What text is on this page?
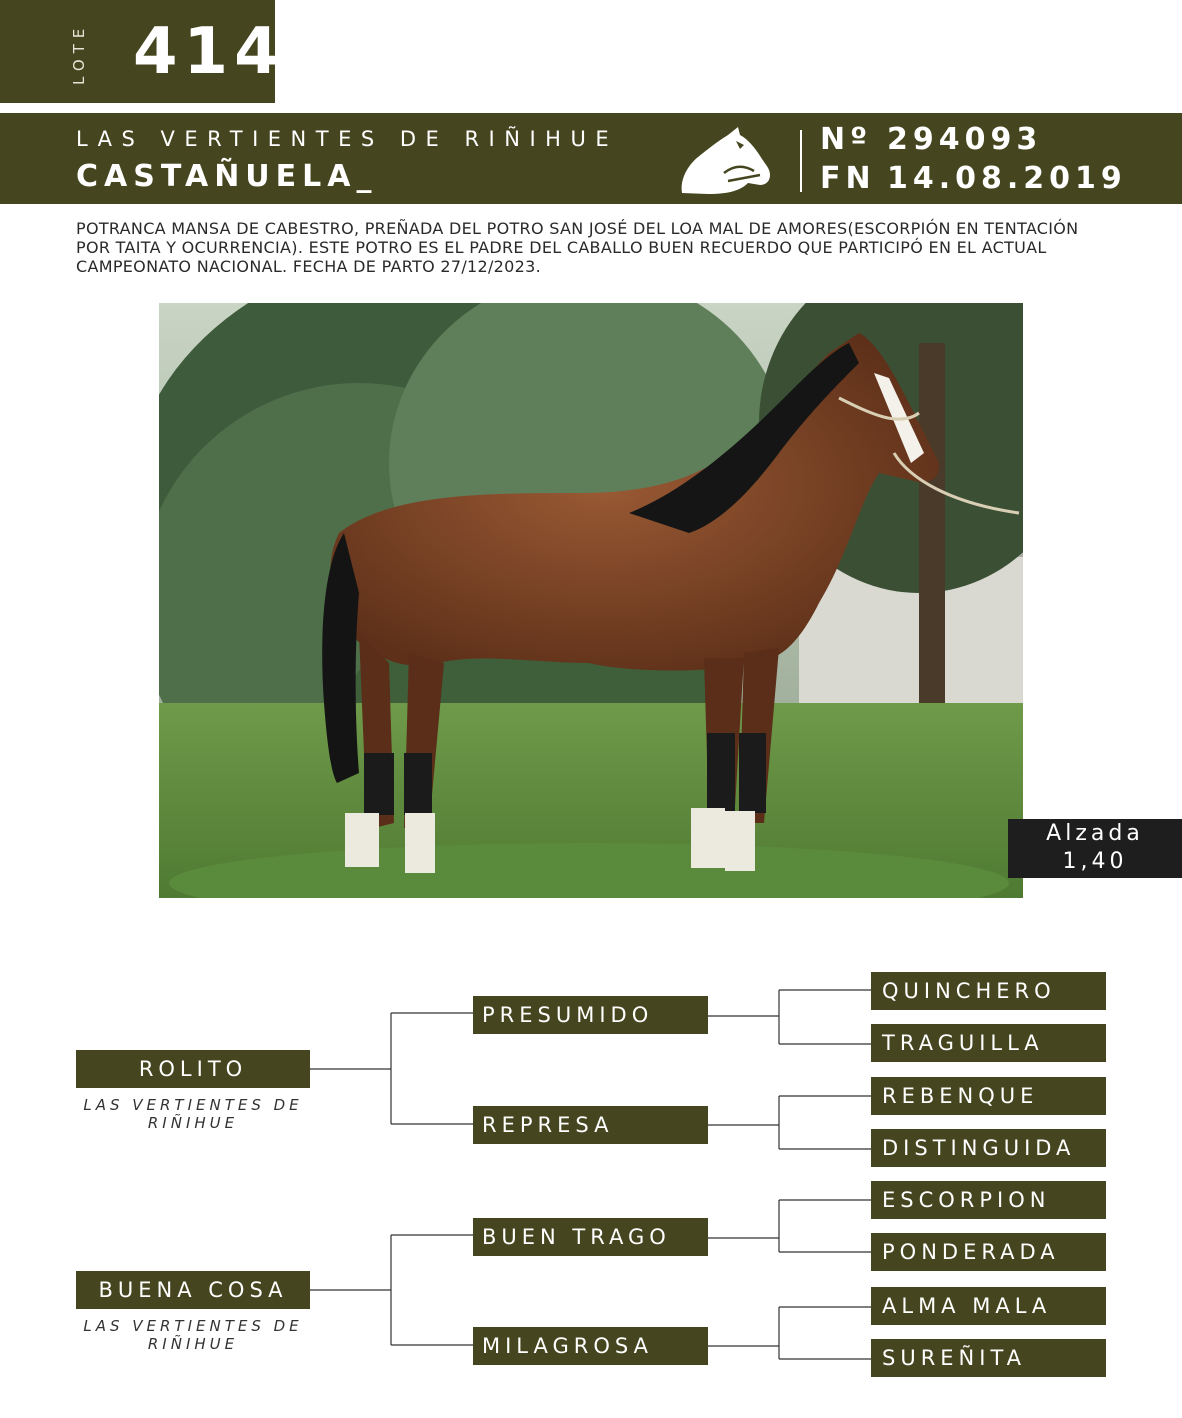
LOTE 414
LAS VERTIENTES DE RIÑIHUE
CASTAÑUELA_
Nº 294093
FN 14.08.2019
POTRANCA MANSA DE CABESTRO, PREÑADA DEL POTRO SAN JOSÉ DEL LOA MAL DE AMORES(ESCORPIÓN EN TENTACIÓN POR TAITA Y OCURRENCIA). ESTE POTRO ES EL PADRE DEL CABALLO BUEN RECUERDO QUE PARTICIPÓ EN EL ACTUAL CAMPEONATO NACIONAL. FECHA DE PARTO 27/12/2023.
Alzada
1,40
ROLITO
LAS VERTIENTES DE RIÑIHUE
BUENA COSA
LAS VERTIENTES DE RIÑIHUE
PRESUMIDO
REPRESA
BUEN TRAGO
MILAGROSA
QUINCHERO
TRAGUILLA
REBENQUE
DISTINGUIDA
ESCORPION
PONDERADA
ALMA MALA
SUREÑITA
